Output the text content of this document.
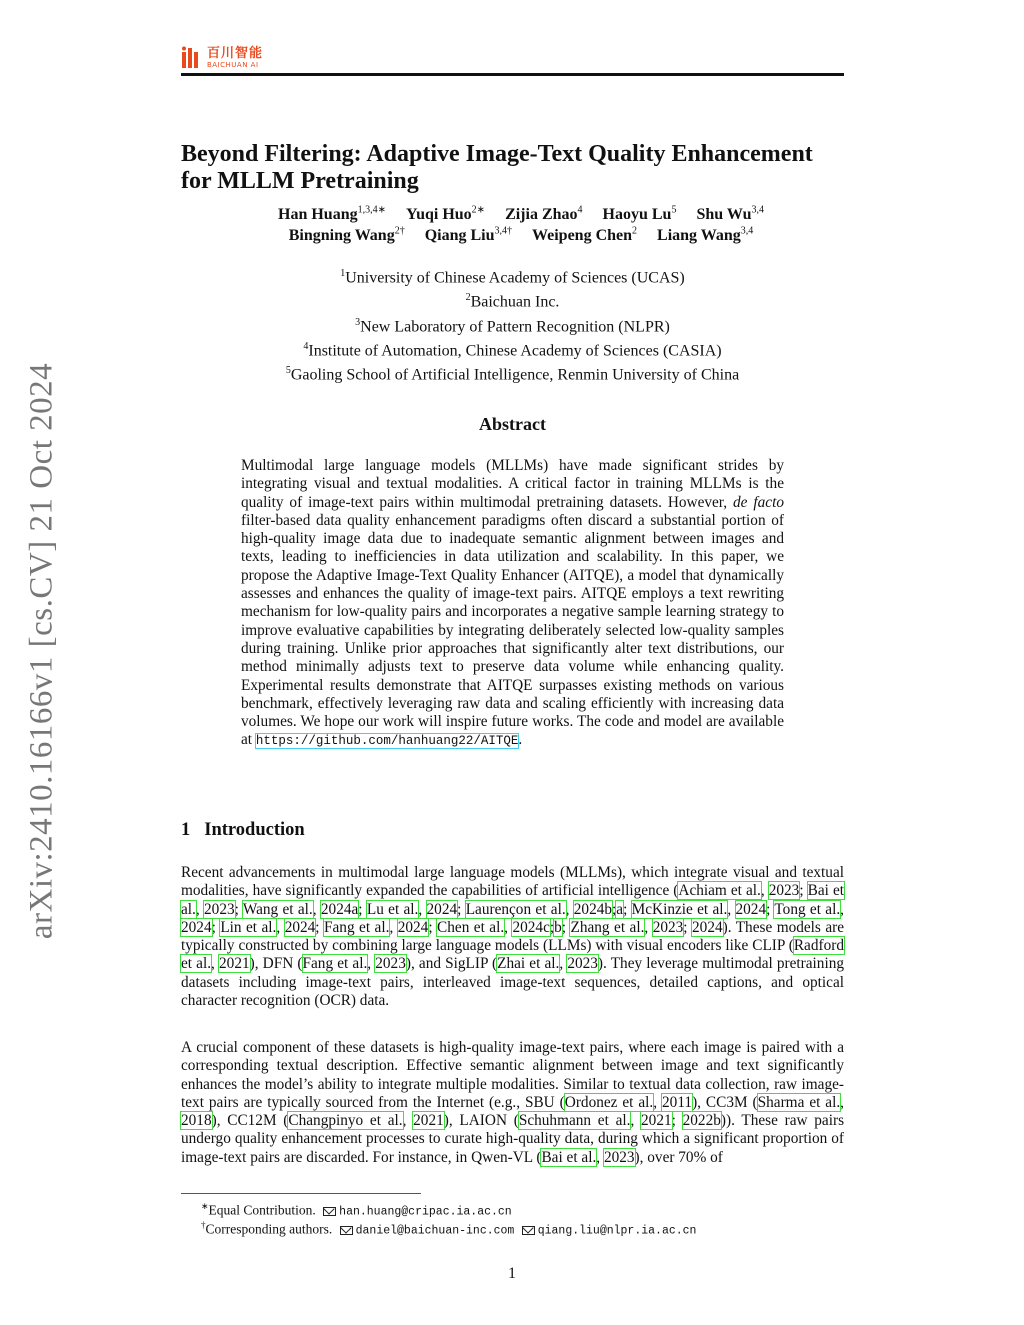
百川智能
BAICHUAN AI
arXiv:2410.16166v1 [cs.CV] 21 Oct 2024
Beyond Filtering: Adaptive Image-Text Quality Enhancement
for MLLM Pretraining
Han Huang$^{1,3,4∗}$ Yuqi Huo$^{2∗}$ Zijia Zhao$^4$ Haoyu Lu$^5$ Shu Wu$^{3,4}$
Bingning Wang$^{2\dagger}$ Qiang Liu$^{3,4\dagger}$ Weipeng Chen$^2$ Liang Wang$^{3,4}$
$^1$University of Chinese Academy of Sciences (UCAS)
$^2$Baichuan Inc.
$^3$New Laboratory of Pattern Recognition (NLPR)
$^4$Institute of Automation, Chinese Academy of Sciences (CASIA)
$^5$Gaoling School of Artificial Intelligence, Renmin University of China
Abstract
Multimodal large language models (MLLMs) have made significant strides by integrating visual and textual modalities. A critical factor in training MLLMs is the quality of image-text pairs within multimodal pretraining datasets. However, de facto filter-based data quality enhancement paradigms often discard a substantial portion of high-quality image data due to inadequate semantic alignment between images and texts, leading to inefficiencies in data utilization and scalability. In this paper, we propose the Adaptive Image-Text Quality Enhancer (AITQE), a model that dynamically assesses and enhances the quality of image-text pairs. AITQE employs a text rewriting mechanism for low-quality pairs and incorporates a negative sample learning strategy to improve evaluative capabilities by integrating deliberately selected low-quality samples during training. Unlike prior approaches that significantly alter text distributions, our method minimally adjusts text to preserve data volume while enhancing quality. Experimental results demonstrate that AITQE surpasses existing methods on various benchmark, effectively leveraging raw data and scaling efficiently with increasing data volumes. We hope our work will inspire future works. The code and model are available at https://github.com/hanhuang22/AITQE.
1 Introduction
Recent advancements in multimodal large language models (MLLMs), which integrate visual and textual modalities, have significantly expanded the capabilities of artificial intelligence (Achiam et al., 2023; Bai et al., 2023; Wang et al., 2024a; Lu et al., 2024; Laurençon et al., 2024b;a; McKinzie et al., 2024; Tong et al., 2024; Lin et al., 2024; Fang et al., 2024; Chen et al., 2024c;b; Zhang et al., 2023; 2024). These models are typically constructed by combining large language models (LLMs) with visual encoders like CLIP (Radford et al., 2021), DFN (Fang et al., 2023), and SigLIP (Zhai et al., 2023). They leverage multimodal pretraining datasets including image-text pairs, interleaved image-text sequences, detailed captions, and optical character recognition (OCR) data.
A crucial component of these datasets is high-quality image-text pairs, where each image is paired with a corresponding textual description. Effective semantic alignment between image and text significantly enhances the model’s ability to integrate multiple modalities. Similar to textual data collection, raw image-text pairs are typically sourced from the Internet (e.g., SBU (Ordonez et al., 2011), CC3M (Sharma et al., 2018), CC12M (Changpinyo et al., 2021), LAION (Schuhmann et al., 2021; 2022b)). These raw pairs undergo quality enhancement processes to curate high-quality data, during which a significant proportion of image-text pairs are discarded. For instance, in Qwen-VL (Bai et al., 2023), over 70% of
∗Equal Contribution. han.huang@cripac.ia.ac.cn
†Corresponding authors. daniel@baichuan-inc.com qiang.liu@nlpr.ia.ac.cn
1
